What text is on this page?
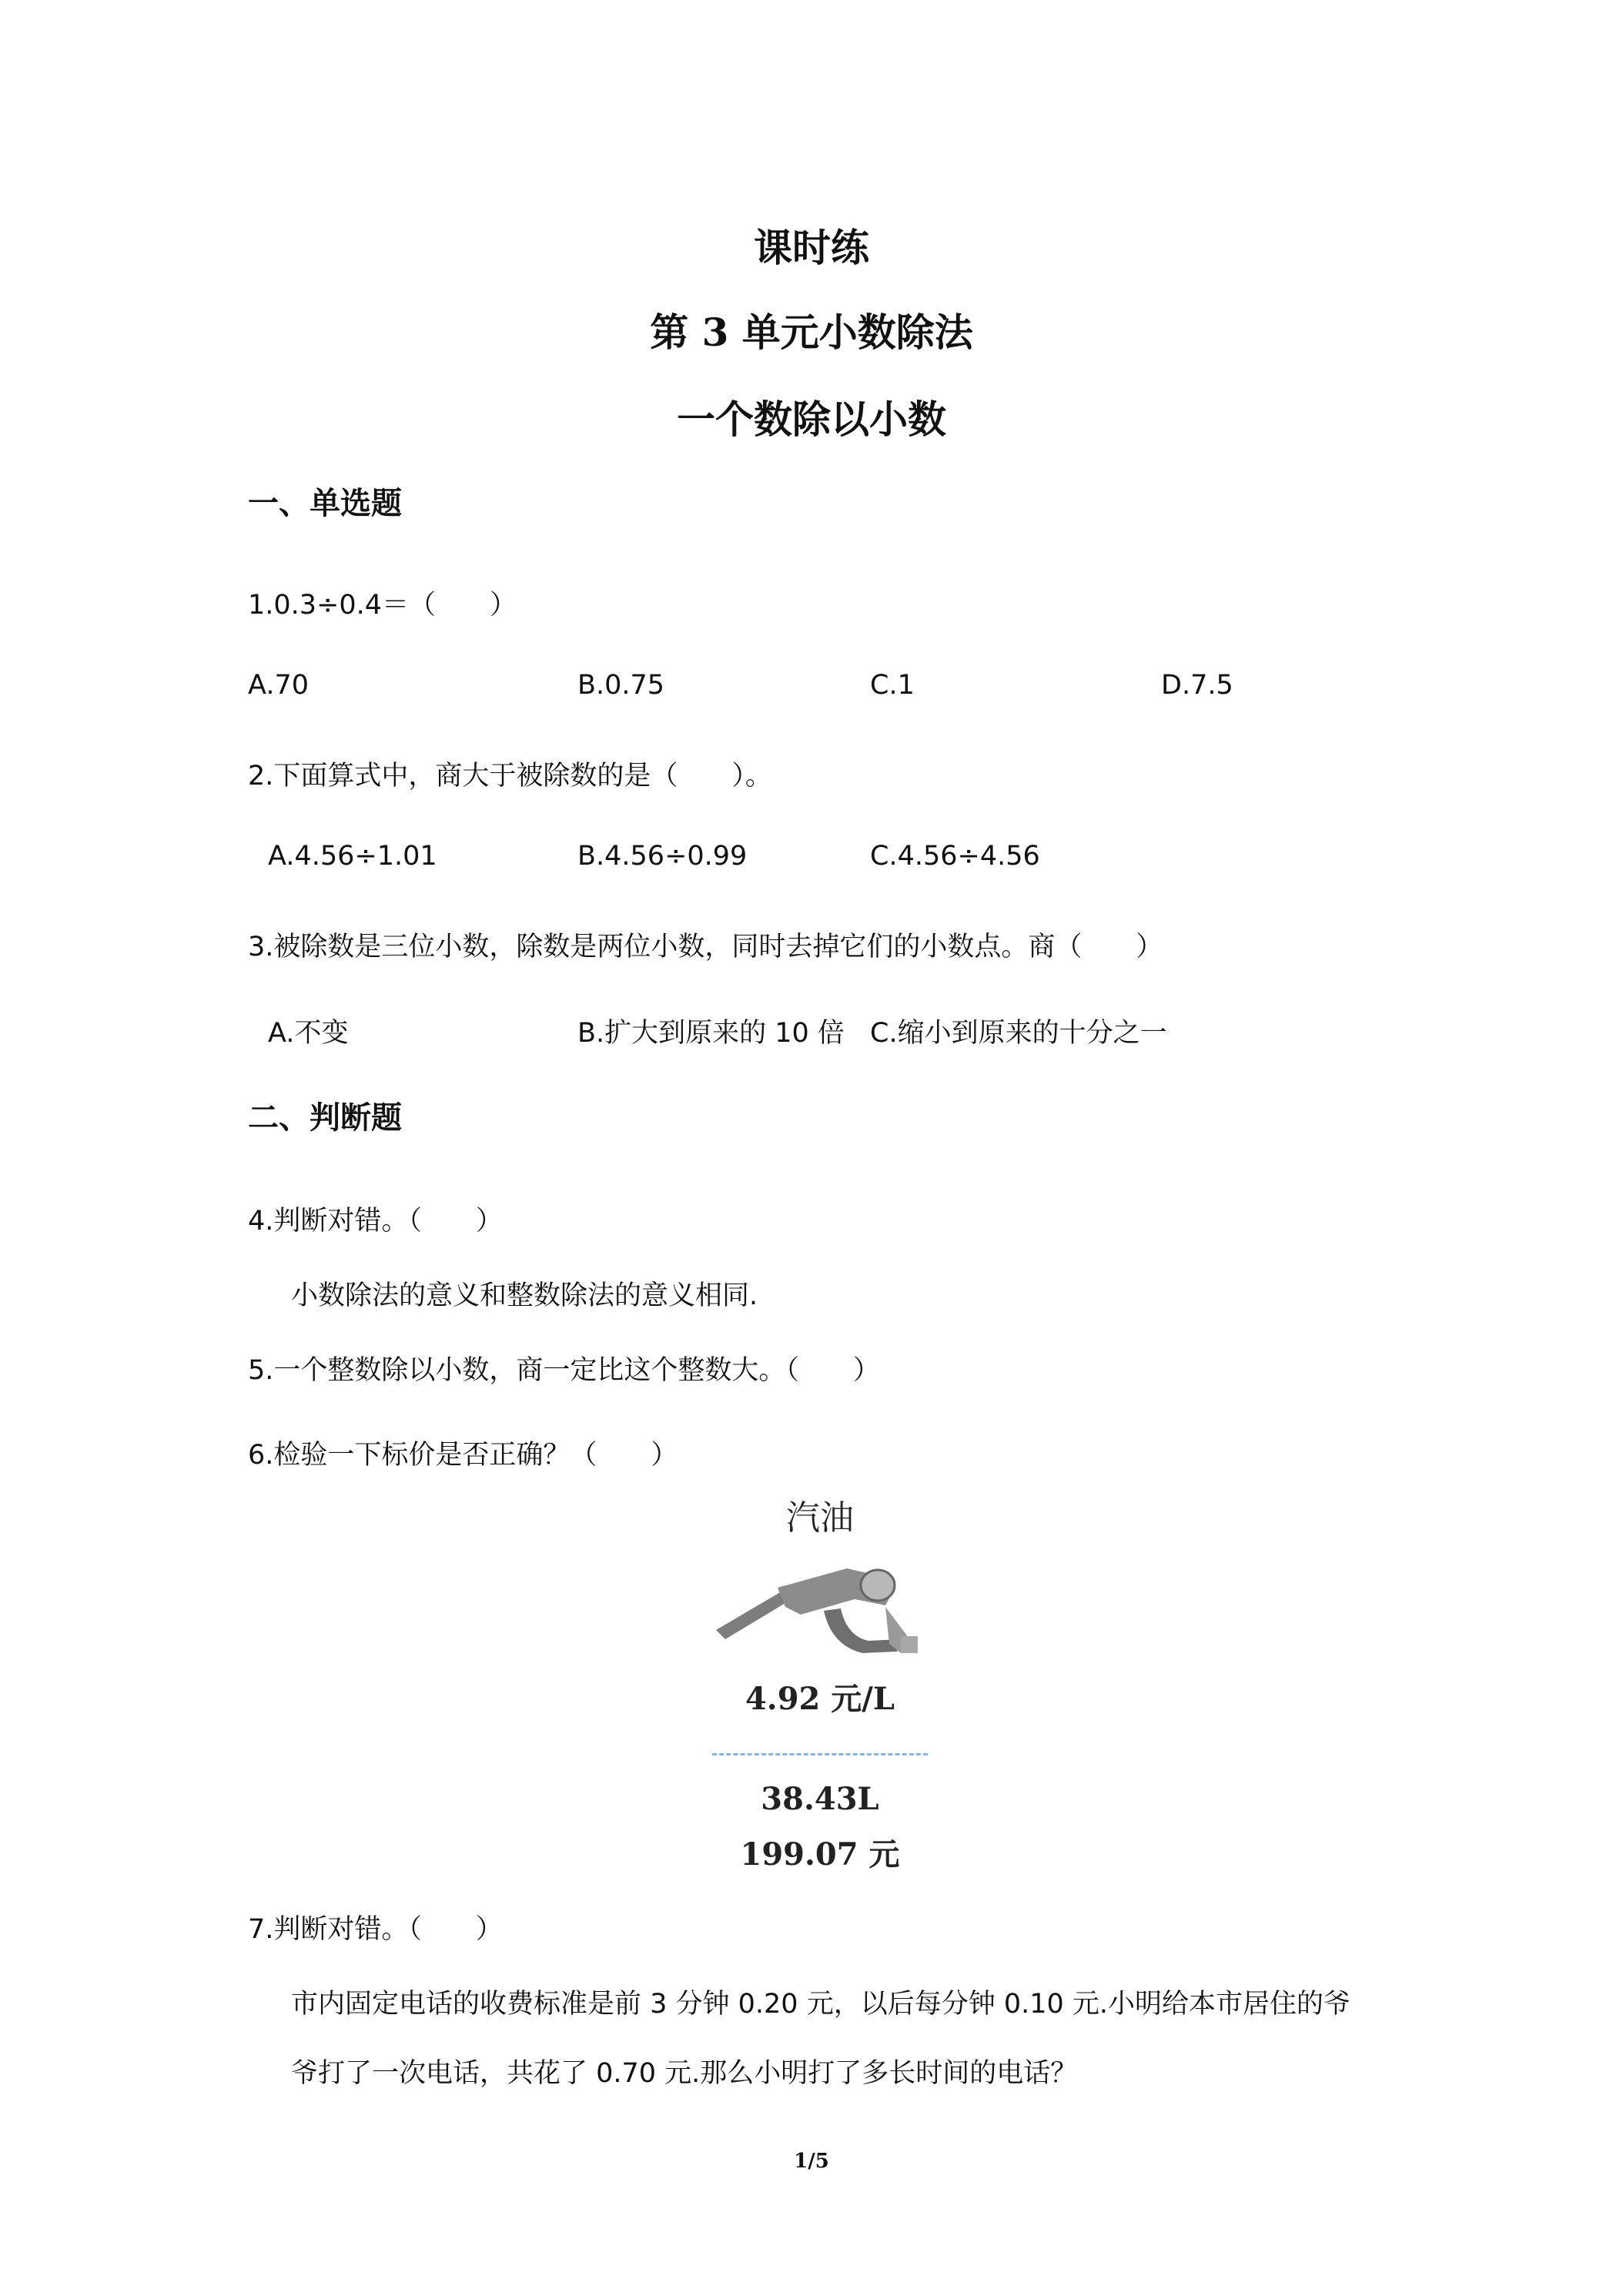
课时练
第 3 单元小数除法
一个数除以小数
一、单选题
1.0.3÷0.4＝（　　）
A.70	B.0.75	C.1	D.7.5
2.下面算式中，商大于被除数的是（　　）。
A.4.56÷1.01	B.4.56÷0.99	C.4.56÷4.56
3.被除数是三位小数，除数是两位小数，同时去掉它们的小数点。商（　　）
A.不变	B.扩大到原来的 10 倍 C.缩小到原来的十分之一
二、判断题
4.判断对错。（　　）
小数除法的意义和整数除法的意义相同.
5.一个整数除以小数，商一定比这个整数大。（　　）
6.检验一下标价是否正确？（　　）
汽油
4.92 元/L
38.43L
199.07 元
7.判断对错。（　　）
市内固定电话的收费标准是前 3 分钟 0.20 元，以后每分钟 0.10 元.小明给本市居住的爷
爷打了一次电话，共花了 0.70 元.那么小明打了多长时间的电话？
1/5
